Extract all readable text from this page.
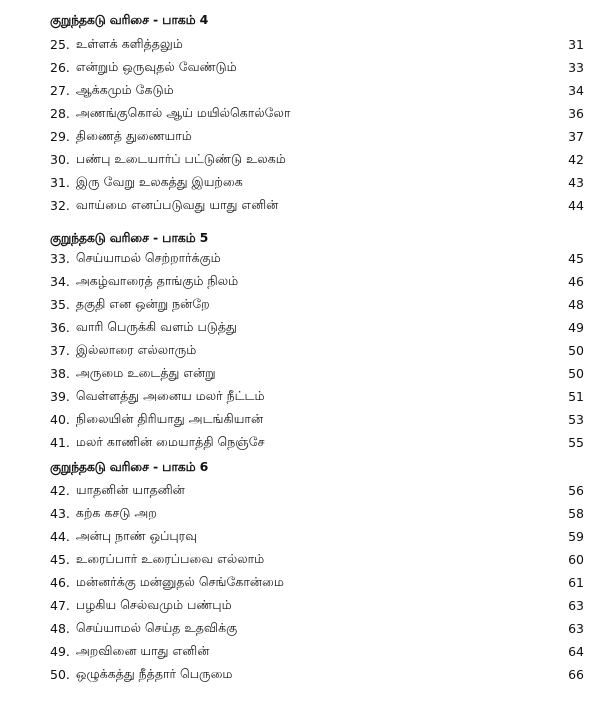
குறுந்தகடு வரிசை - பாகம் 4
25. உள்ளக் களித்தலும்	31
26. என்றும் ஒருவுதல் வேண்டும்	33
27. ஆக்கமும் கேடும்	34
28. அணங்குகொல் ஆய் மயில்கொல்லோ	36
29. திணைத் துணையாம்	37
30. பண்பு உடையார்ப் பட்டுண்டு உலகம்	42
31. இரு வேறு உலகத்து இயற்கை	43
32. வாய்மை எனப்படுவது யாது எனின்	44
குறுந்தகடு வரிசை - பாகம் 5
33. செய்யாமல் செற்றார்க்கும்	45
34. அகழ்வாரைத் தாங்கும் நிலம்	46
35. தகுதி என ஒன்று நன்றே	48
36. வாரி பெருக்கி வளம் படுத்து	49
37. இல்லாரை எல்லாரும்	50
38. அருமை உடைத்து என்று	50
39. வெள்ளத்து அனைய மலர் நீட்டம்	51
40. நிலையின் திரியாது அடங்கியான்	53
41. மலர் காணின் மையாத்தி நெஞ்சே	55
குறுந்தகடு வரிசை - பாகம் 6
42. யாதனின் யாதனின்	56
43. கற்க கசடு அற	58
44. அன்பு நாண் ஒப்புரவு	59
45. உரைப்பார் உரைப்பவை எல்லாம்	60
46. மன்னர்க்கு மன்னுதல் செங்கோன்மை	61
47. பழகிய செல்வமும் பண்பும்	63
48. செய்யாமல் செய்த உதவிக்கு	63
49. அறவினை யாது எனின்	64
50. ஒழுக்கத்து நீத்தார் பெருமை	66
